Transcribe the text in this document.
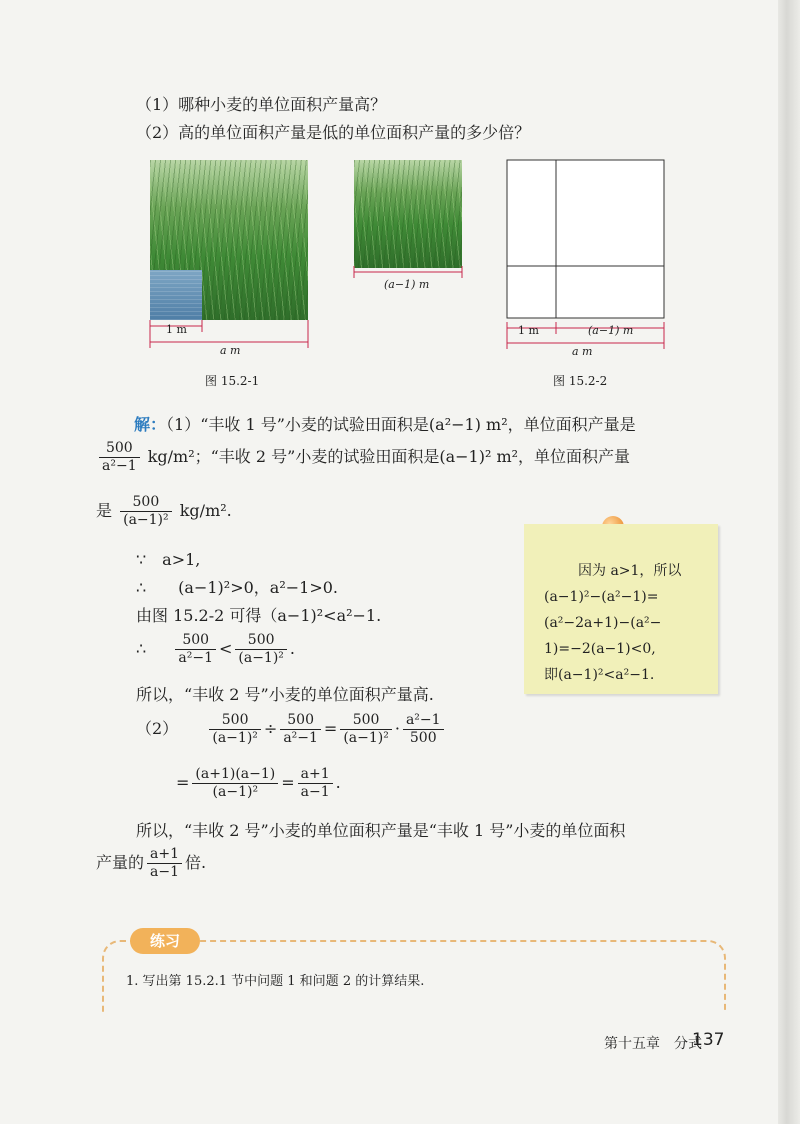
（1）哪种小麦的单位面积产量高？
（2）高的单位面积产量是低的单位面积产量的多少倍？
1 m
a m
图 15.2-1
(a−1) m
1 m	(a−1) m
a m
图 15.2-2
解：（1）“丰收 1 号”小麦的试验田面积是(a²−1) m²，单位面积产量是
$\frac{500}{\text{a²−1}} kg/m^2$；“丰收 2 号”小麦的试验田面积是(a−1)² m²，单位面积产量
是 $\frac{500}{\text{(a−1)²}} kg/m^2$.
∵　a>1,
∴　　(a−1)²>0，a²−1>0.
由图 15.2-2 可得（a−1)²<a²−1.
∴ $\frac{500}{\text{a²−1}} < \frac{500}{\text{(a−1)²}}$ .
所以，“丰收 2 号”小麦的单位面积产量高.
$(2) \frac{500}{\text{(a−1)²}} \div \frac{500}{\text{a²−1}} = \frac{500}{\text{(a−1)²}} \cdot \frac{\text{a²−1}}{500}$
= $\frac{(a+1)(a-1)}{\text{(a−1)²}} = \frac{a+1}{a-1}$ .
所以，“丰收 2 号”小麦的单位面积产量是“丰收 1 号”小麦的单位面积
产量的 $\frac{a+1}{a-1}$ 倍.
因为 a>1，所以
(a−1)²−(a²−1)=
(a²−2a+1)−(a²−
1)=−2(a−1)<0,
即(a−1)²<a²−1.
练习
1. 写出第 15.2.1 节中问题 1 和问题 2 的计算结果.
第十五章　分式
137
